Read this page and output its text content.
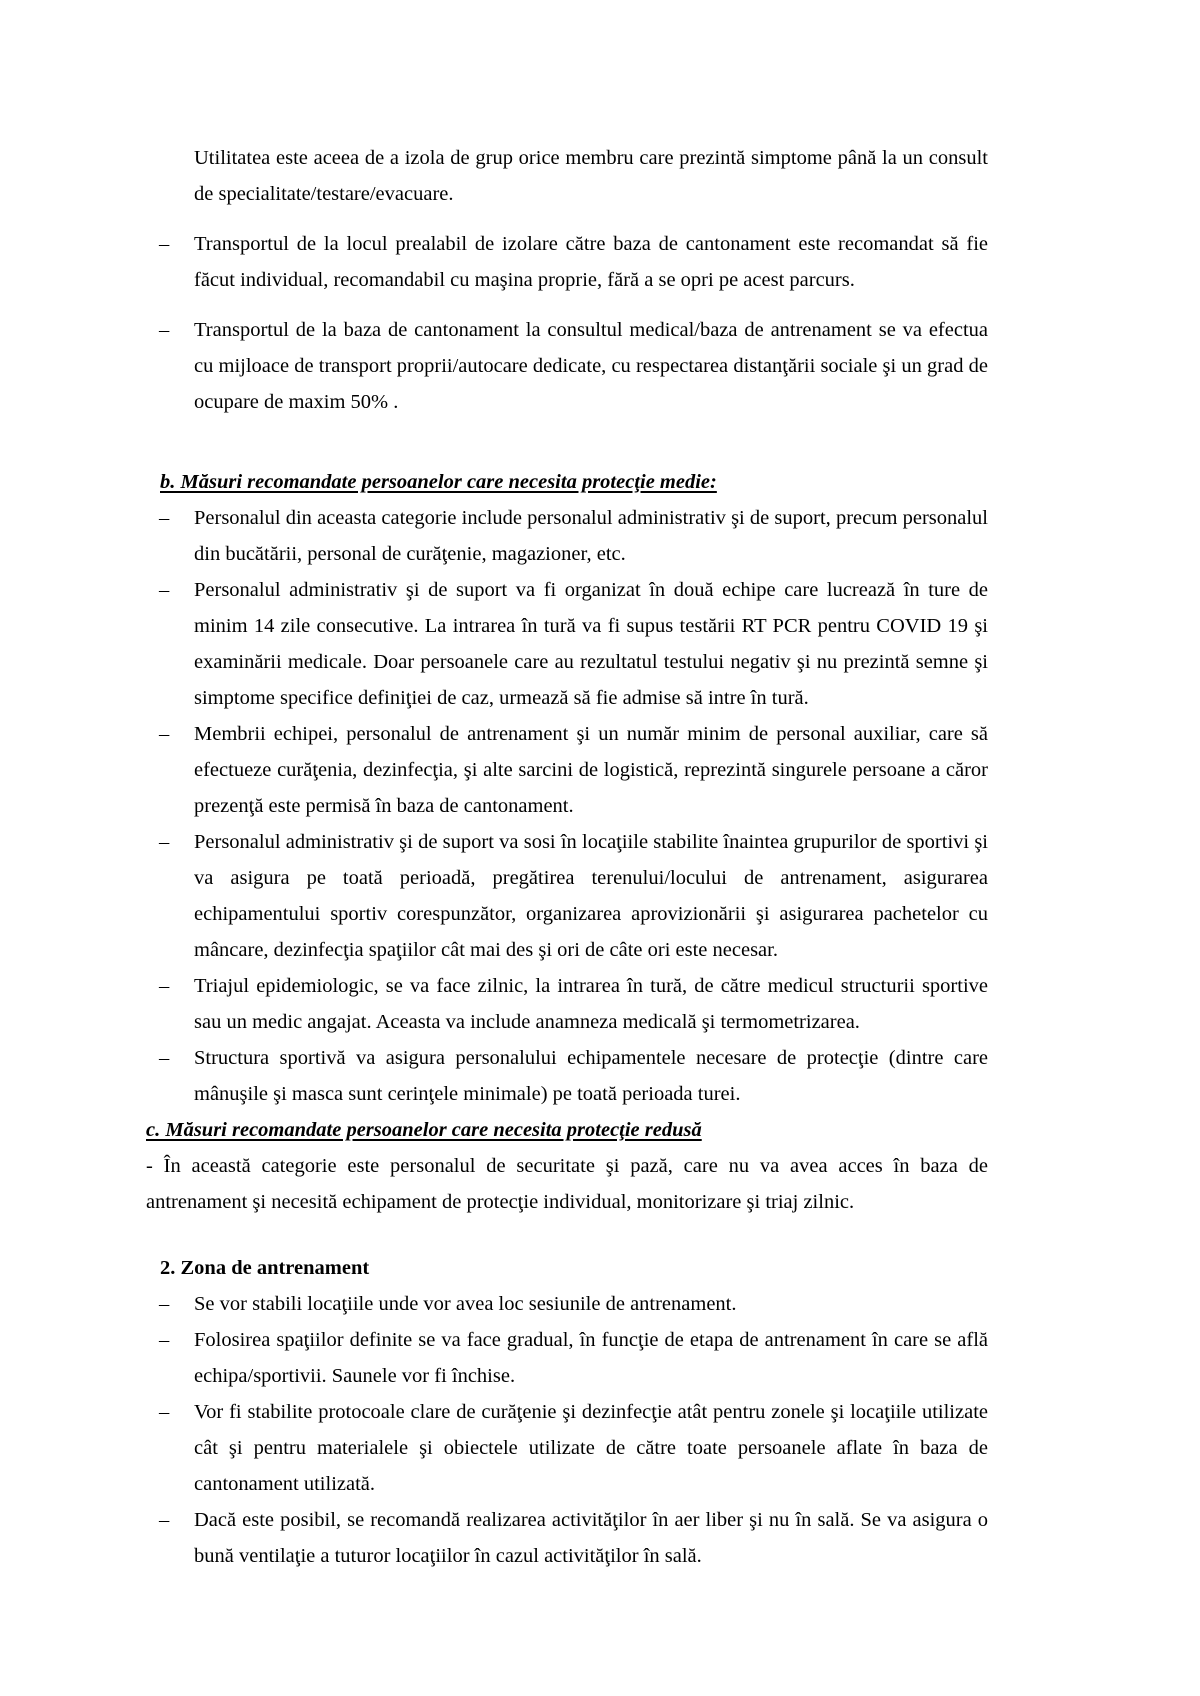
Utilitatea este aceea de a izola de grup orice membru care prezintă simptome până la un consult de specialitate/testare/evacuare.

–	Transportul de la locul prealabil de izolare către baza de cantonament este recomandat să fie făcut individual, recomandabil cu maşina proprie, fără a se opri pe acest parcurs.
–	Transportul de la baza de cantonament la consultul medical/baza de antrenament se va efectua cu mijloace de transport proprii/autocare dedicate, cu respectarea distanţării sociale şi un grad de ocupare de maxim 50% .

b. Măsuri recomandate persoanelor care necesita protecţie medie:

–	Personalul din aceasta categorie include personalul administrativ şi de suport, precum personalul din bucătării, personal de curăţenie, magazioner, etc.
–	Personalul administrativ şi de suport va fi organizat în două echipe care lucrează în ture de minim 14 zile consecutive. La intrarea în tură va fi supus testării RT PCR pentru COVID 19 şi examinării medicale. Doar persoanele care au rezultatul testului negativ şi nu prezintă semne şi simptome specifice definiţiei de caz, urmează să fie admise să intre în tură.
–	Membrii echipei, personalul de antrenament şi un număr minim de personal auxiliar, care să efectueze curăţenia, dezinfecţia, şi alte sarcini de logistică, reprezintă singurele persoane a căror prezenţă este permisă în baza de cantonament.
–	Personalul administrativ şi de suport va sosi în locaţiile stabilite înaintea grupurilor de sportivi şi va asigura pe toată perioadă, pregătirea terenului/locului de antrenament, asigurarea echipamentului sportiv corespunzător, organizarea aprovizionării şi asigurarea pachetelor cu mâncare, dezinfecţia spaţiilor cât mai des şi ori de câte ori este necesar.
–	Triajul epidemiologic, se va face zilnic, la intrarea în tură, de către medicul structurii sportive sau un medic angajat. Aceasta va include anamneza medicală şi termometrizarea.
–	Structura sportivă va asigura personalului echipamentele necesare de protecţie (dintre care mânuşile şi masca sunt cerinţele minimale) pe toată perioada turei.

c. Măsuri recomandate persoanelor care necesita protecţie redusă

- În această categorie este personalul de securitate şi pază, care nu va avea acces în baza de antrenament şi necesită echipament de protecţie individual, monitorizare şi triaj zilnic.

2. Zona de antrenament

–	Se vor stabili locaţiile unde vor avea loc sesiunile de antrenament.
–	Folosirea spaţiilor definite se va face gradual, în funcţie de etapa de antrenament în care se află echipa/sportivii. Saunele vor fi închise.
–	Vor fi stabilite protocoale clare de curăţenie şi dezinfecţie atât pentru zonele şi locaţiile utilizate cât şi pentru materialele şi obiectele utilizate de către toate persoanele aflate în baza de cantonament utilizată.
–	Dacă este posibil, se recomandă realizarea activităţilor în aer liber şi nu în sală. Se va asigura o bună ventilaţie a tuturor locaţiilor în cazul activităţilor în sală.
